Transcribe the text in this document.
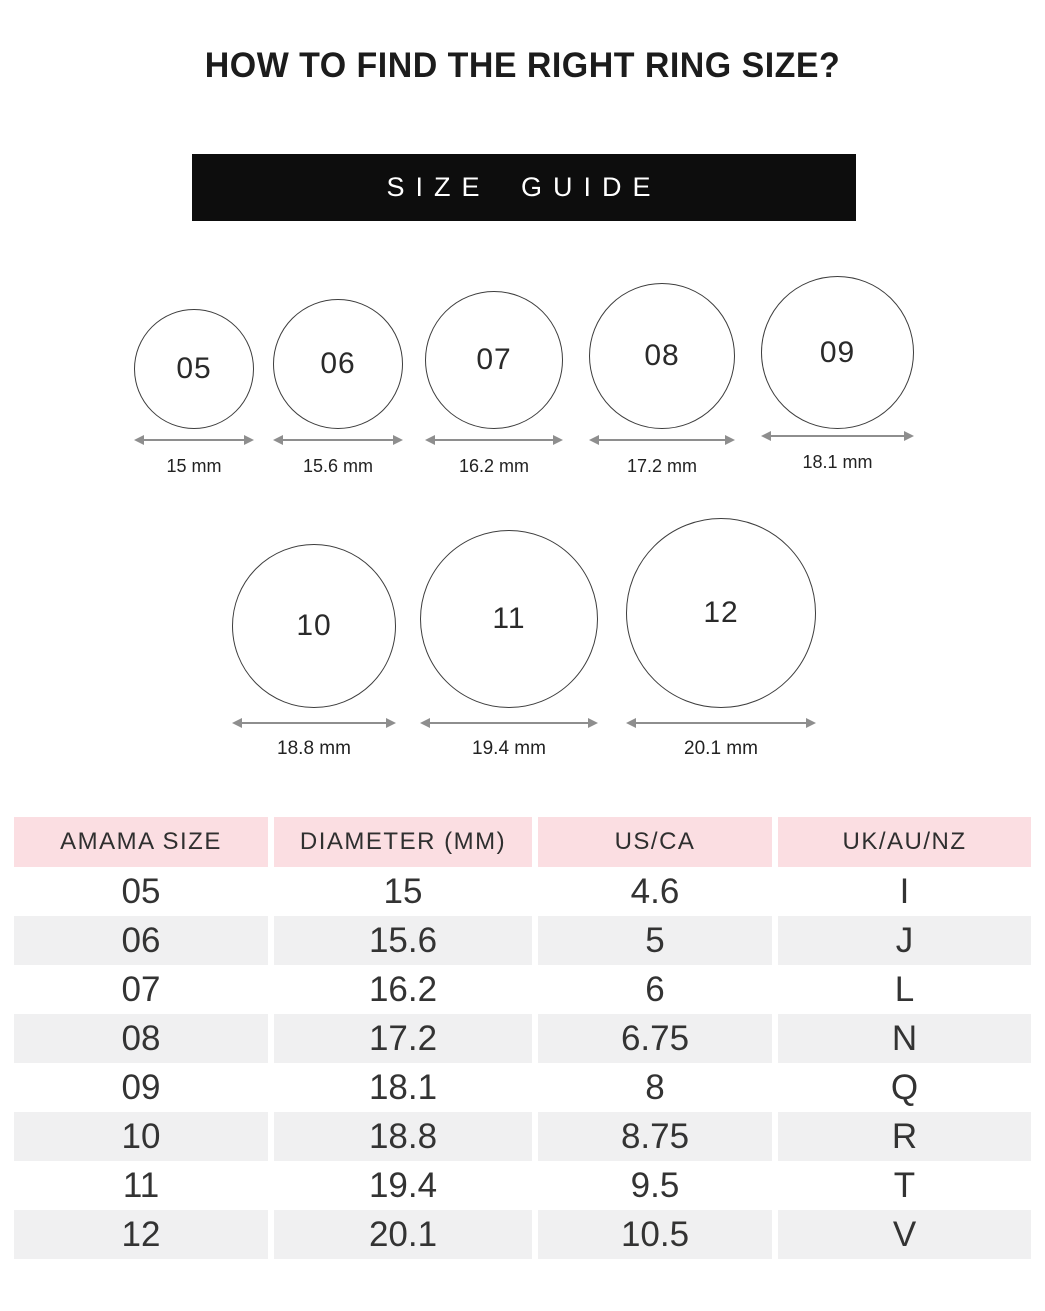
HOW TO FIND THE RIGHT RING SIZE?
SIZE GUIDE
05	06	07	08	09
15 mm	15.6 mm	16.2 mm	17.2 mm	18.1 mm
10	11	12
18.8 mm	19.4 mm	20.1 mm
AMAMA SIZE	DIAMETER (MM)	US/CA	UK/AU/NZ
05	15	4.6	I
06	15.6	5	J
07	16.2	6	L
08	17.2	6.75	N
09	18.1	8	Q
10	18.8	8.75	R
11	19.4	9.5	T
12	20.1	10.5	V
